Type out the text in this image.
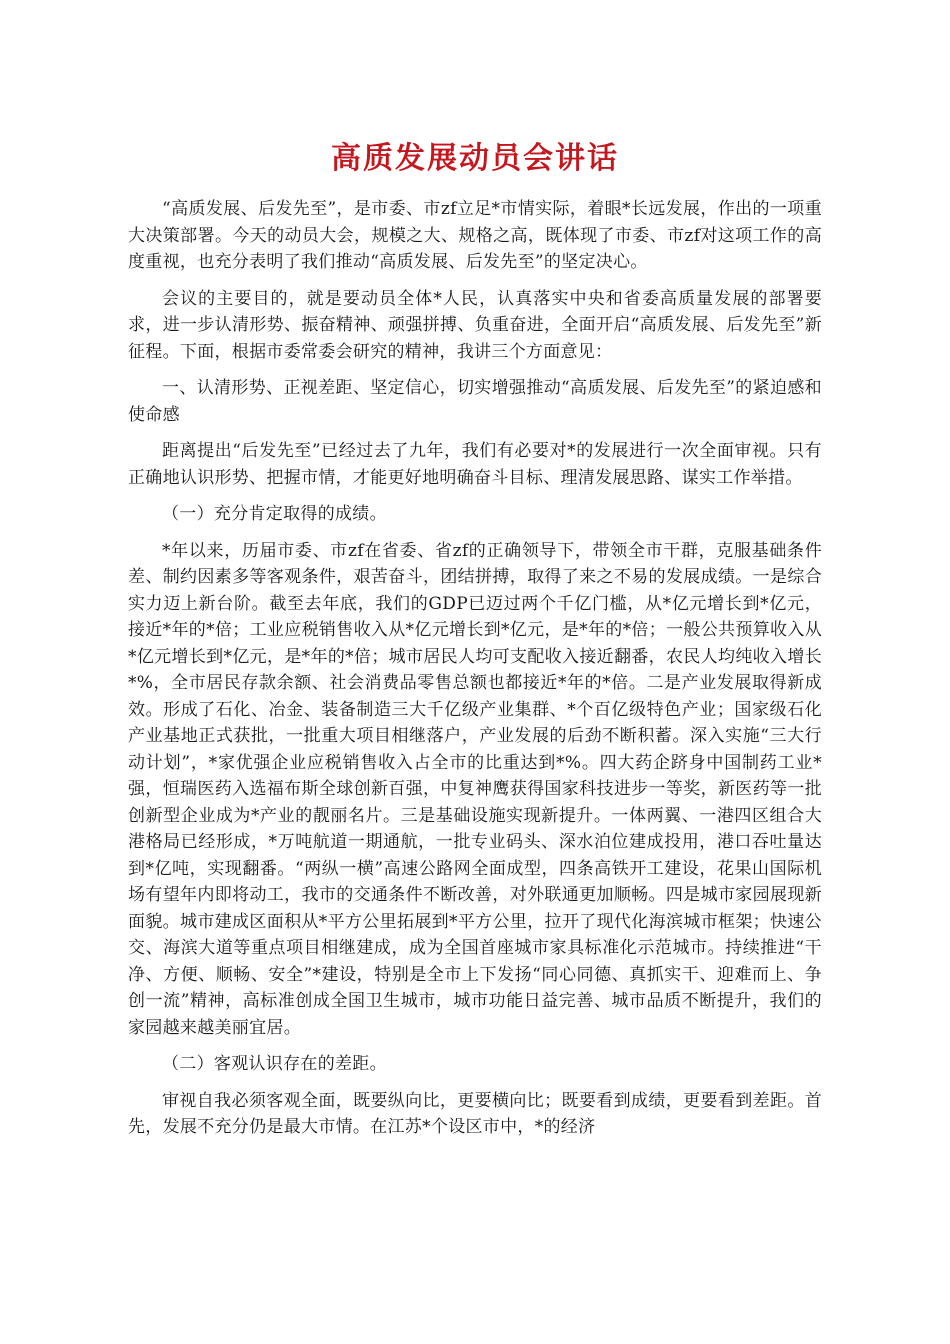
高质发展动员会讲话

“高质发展、后发先至”，是市委、市zf立足*市情实际，着眼*长远发展，作出的一项重大决策部署。今天的动员大会，规模之大、规格之高，既体现了市委、市zf对这项工作的高度重视，也充分表明了我们推动“高质发展、后发先至”的坚定决心。

会议的主要目的，就是要动员全体*人民，认真落实中央和省委高质量发展的部署要求，进一步认清形势、振奋精神、顽强拼搏、负重奋进，全面开启“高质发展、后发先至”新征程。下面，根据市委常委会研究的精神，我讲三个方面意见：

一、认清形势、正视差距、坚定信心，切实增强推动“高质发展、后发先至”的紧迫感和使命感

距离提出“后发先至”已经过去了九年，我们有必要对*的发展进行一次全面审视。只有正确地认识形势、把握市情，才能更好地明确奋斗目标、理清发展思路、谋实工作举措。

（一）充分肯定取得的成绩。

*年以来，历届市委、市zf在省委、省zf的正确领导下，带领全市干群，克服基础条件差、制约因素多等客观条件，艰苦奋斗，团结拼搏，取得了来之不易的发展成绩。一是综合实力迈上新台阶。截至去年底，我们的GDP已迈过两个千亿门槛，从*亿元增长到*亿元，接近*年的*倍；工业应税销售收入从*亿元增长到*亿元，是*年的*倍；一般公共预算收入从*亿元增长到*亿元，是*年的*倍；城市居民人均可支配收入接近翻番，农民人均纯收入增长*%，全市居民存款余额、社会消费品零售总额也都接近*年的*倍。二是产业发展取得新成效。形成了石化、冶金、装备制造三大千亿级产业集群、*个百亿级特色产业；国家级石化产业基地正式获批，一批重大项目相继落户，产业发展的后劲不断积蓄。深入实施“三大行动计划”，*家优强企业应税销售收入占全市的比重达到*%。四大药企跻身中国制药工业*强，恒瑞医药入选福布斯全球创新百强，中复神鹰获得国家科技进步一等奖，新医药等一批创新型企业成为*产业的靓丽名片。三是基础设施实现新提升。一体两翼、一港四区组合大港格局已经形成，*万吨航道一期通航，一批专业码头、深水泊位建成投用，港口吞吐量达到*亿吨，实现翻番。“两纵一横”高速公路网全面成型，四条高铁开工建设，花果山国际机场有望年内即将动工，我市的交通条件不断改善，对外联通更加顺畅。四是城市家园展现新面貌。城市建成区面积从*平方公里拓展到*平方公里，拉开了现代化海滨城市框架；快速公交、海滨大道等重点项目相继建成，成为全国首座城市家具标准化示范城市。持续推进“干净、方便、顺畅、安全”*建设，特别是全市上下发扬“同心同德、真抓实干、迎难而上、争创一流”精神，高标准创成全国卫生城市，城市功能日益完善、城市品质不断提升，我们的家园越来越美丽宜居。

（二）客观认识存在的差距。

审视自我必须客观全面，既要纵向比，更要横向比；既要看到成绩，更要看到差距。首先，发展不充分仍是最大市情。在江苏*个设区市中，*的经济
